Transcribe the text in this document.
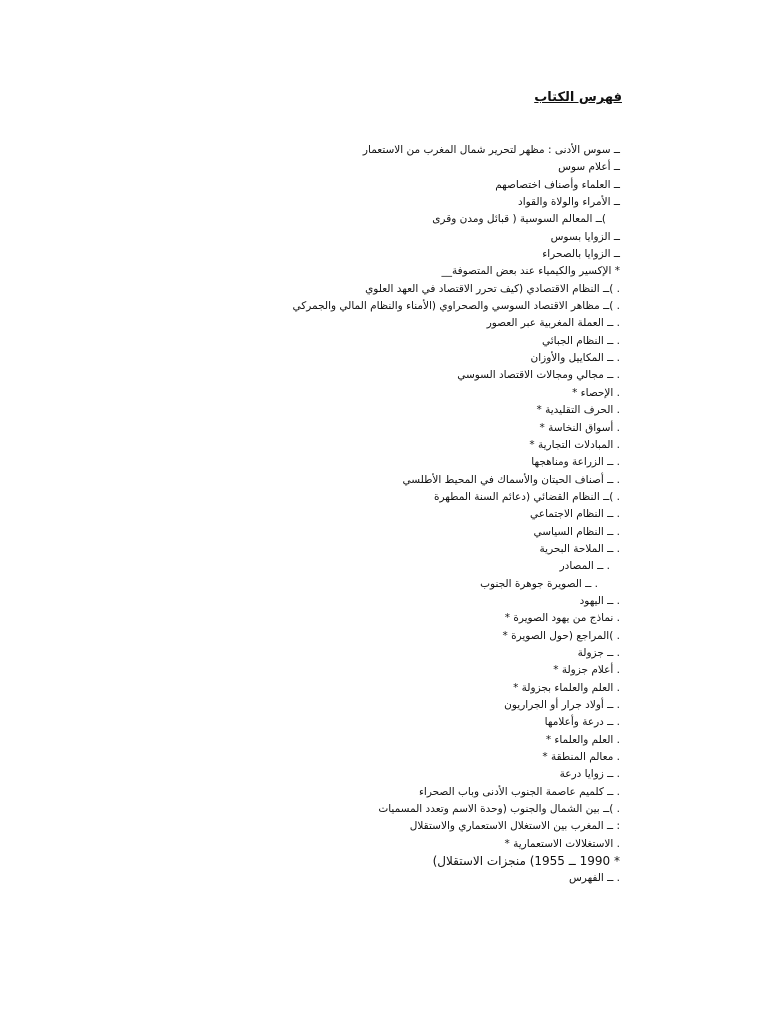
فهرس الكتاب
ــ سوس الأدنى : مظهر لتحرير شمال المغرب من الاستعمار
ــ أعلام سوس
ــ العلماء وأصناف اختصاصهم
ــ الأمراء والولاة والقواد
)ــ المعالم السوسية ( قبائل ومدن وقرى
ــ الزوايا بسوس
ــ الزوايا بالصحراء
* الإكسير والكيمياء عند بعض المتصوفة__
. )ــ النظام الاقتصادي (كيف تحرر الاقتصاد في العهد العلوي
. )ــ مظاهر الاقتصاد السوسي والصحراوي (الأمناء والنظام المالي والجمركي
. ــ العملة المغربية عبر العصور
. ــ النظام الجبائي
. ــ المكاييل والأوزان
. ــ مجالي ومجالات الاقتصاد السوسي
. الإحصاء *
. الحرف التقليدية *
. أسواق النخاسة *
. المبادلات التجارية *
. ــ الزراعة ومناهجها
. ــ أصناف الحيتان والأسماك في المحيط الأطلسي
. )ــ النظام القضائي (دعائم السنة المطهرة
. ــ النظام الاجتماعي
. ــ النظام السياسي
. ــ الملاحة البحرية
. ــ المصادر
. ــ الصويرة جوهرة الجنوب
. ــ اليهود
. نماذج من يهود الصويرة *
. )المراجع (حول الصويرة *
. ــ جزولة
. أعلام جزولة *
. العلم والعلماء بجزولة *
. ــ أولاد جرار أو الجراريون
. ــ درعة وأعلامها
. العلم والعلماء *
. معالم المنطقة *
. ــ زوايا درعة
. ــ كلميم عاصمة الجنوب الأدنى وباب الصحراء
. )ــ بين الشمال والجنوب (وحدة الاسم وتعدد المسميات
: ــ المغرب بين الاستغلال الاستعماري والاستقلال
. الاستغلالات الاستعمارية *
* 1990 ــ 1955) منجزات الاستقلال)
. ــ الفهرس
